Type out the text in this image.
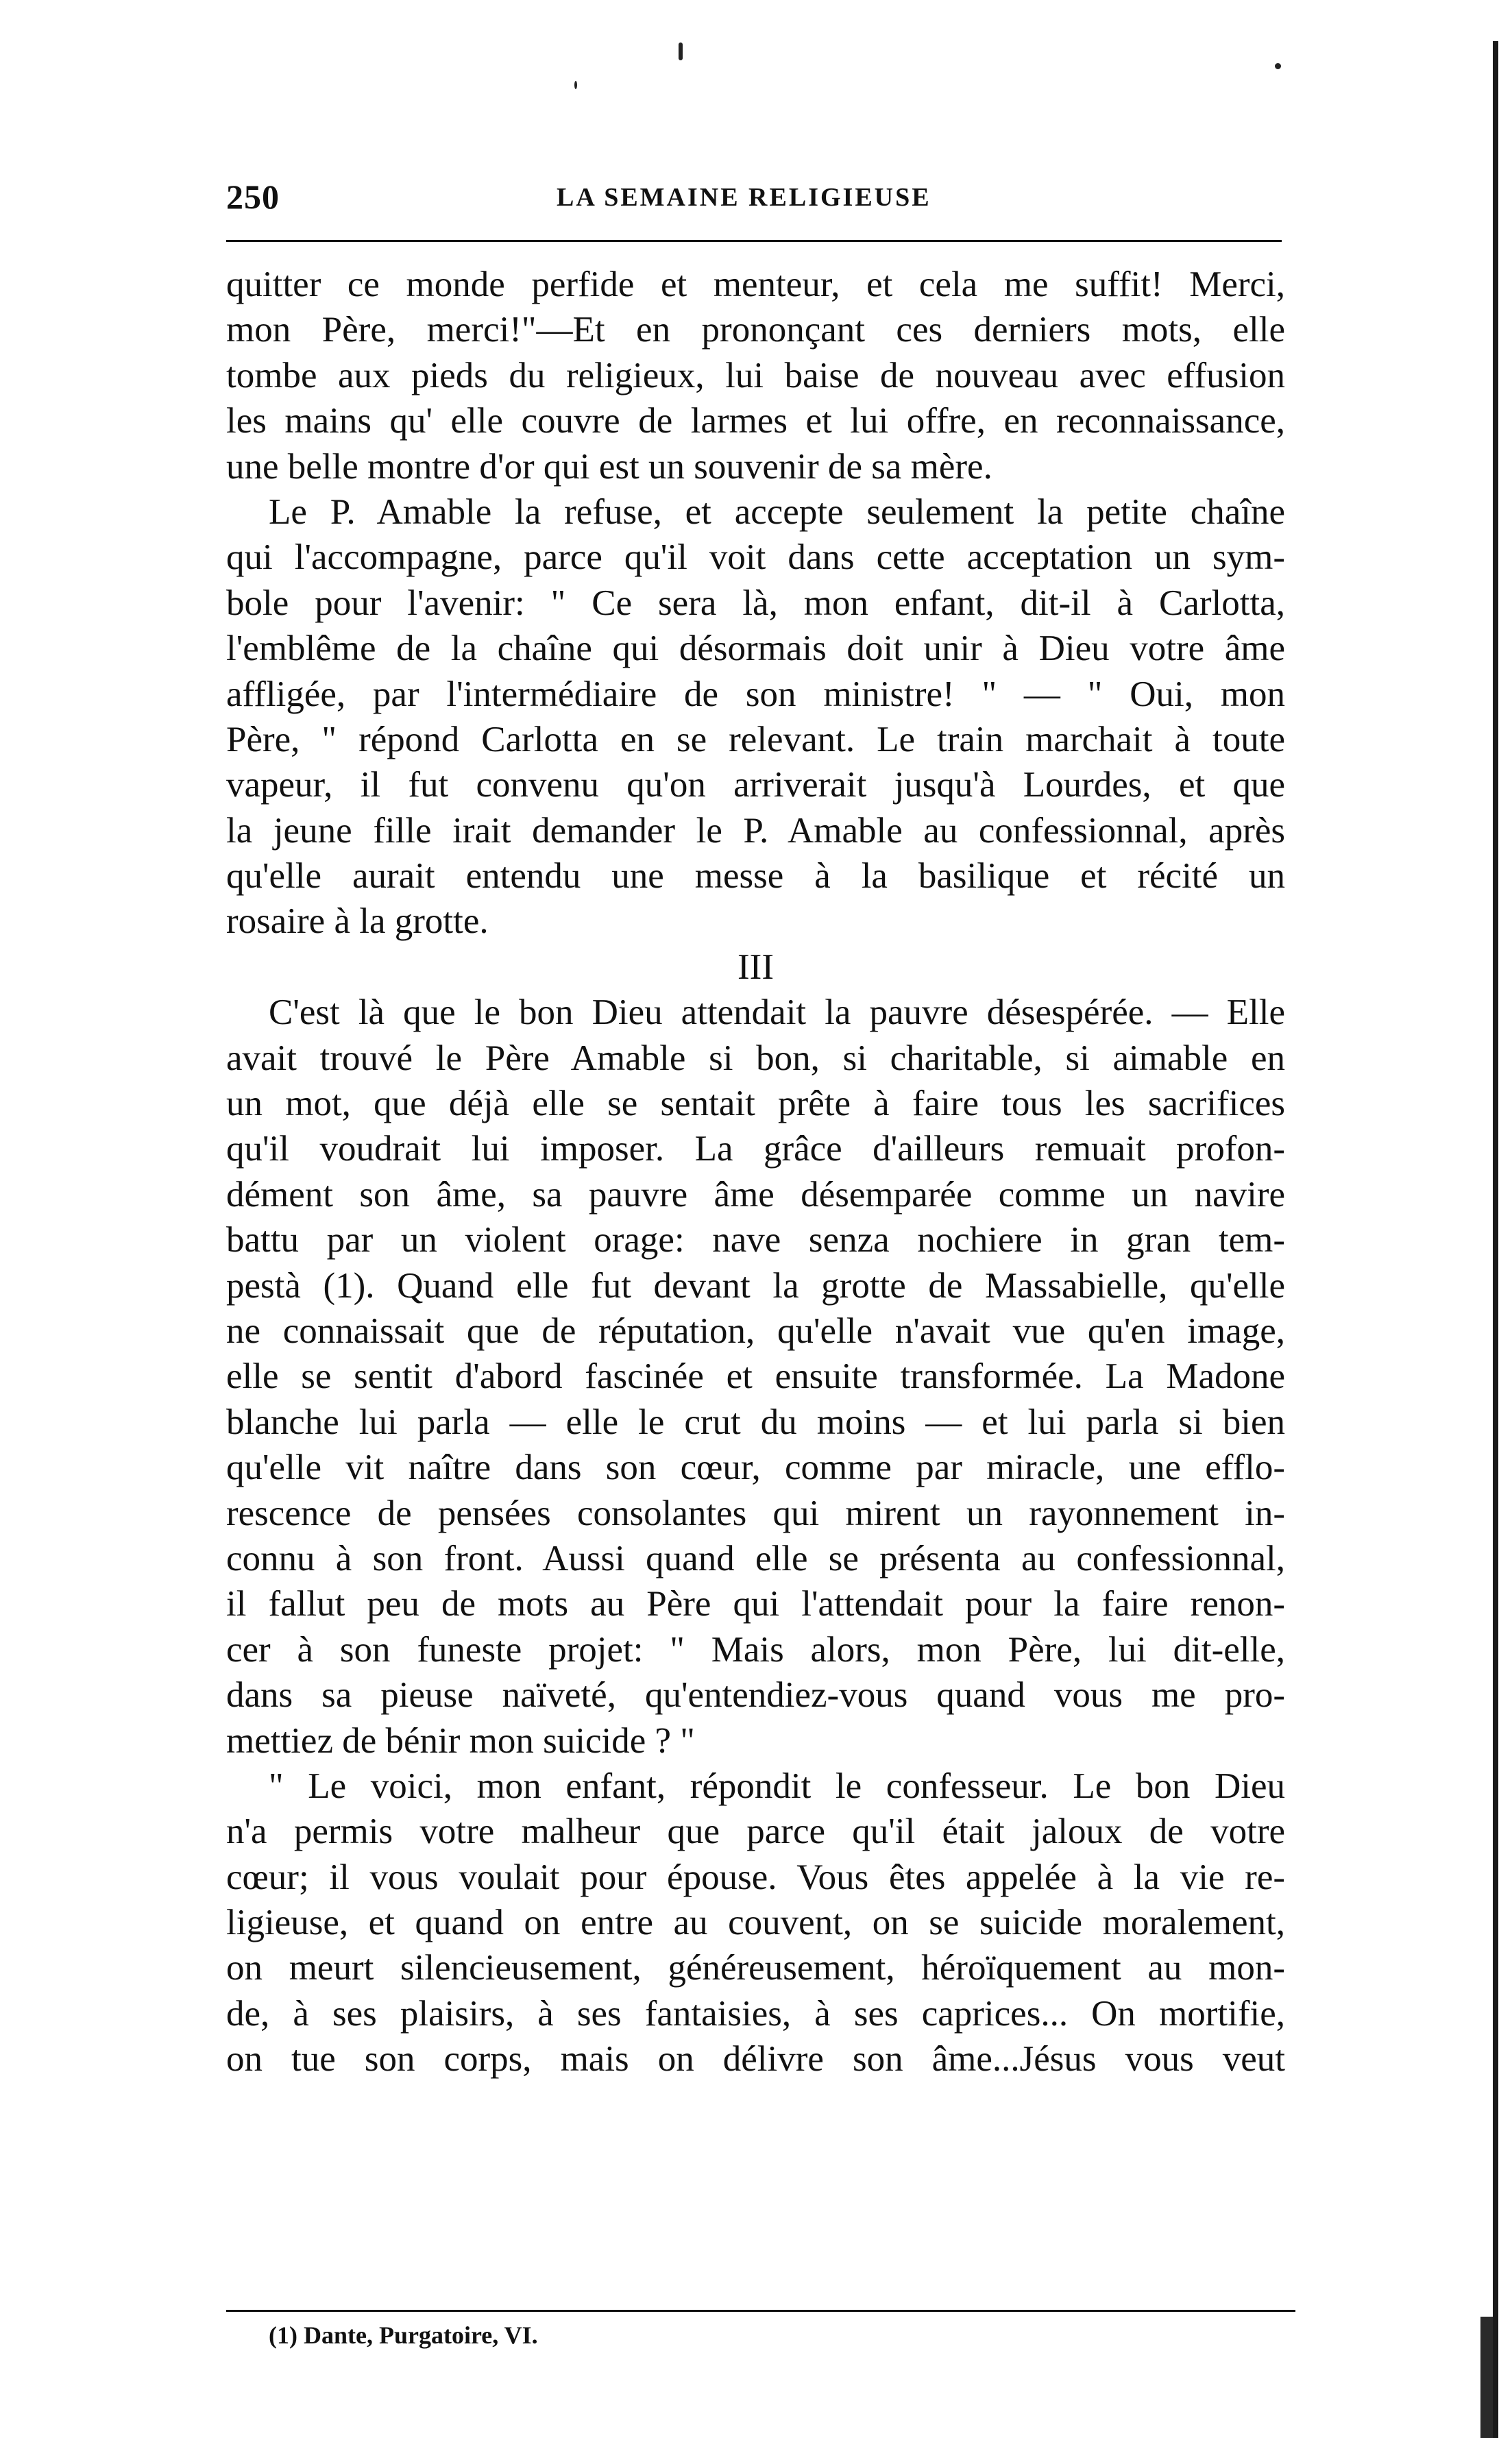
250	LA SEMAINE RELIGIEUSE
quitter ce monde perfide et menteur, et cela me suffit! Merci,
mon Père, merci!"—Et en prononçant ces derniers mots, elle
tombe aux pieds du religieux, lui baise de nouveau avec effusion
les mains qu' elle couvre de larmes et lui offre, en reconnaissance,
une belle montre d'or qui est un souvenir de sa mère.
Le P. Amable la refuse, et accepte seulement la petite chaîne
qui l'accompagne, parce qu'il voit dans cette acceptation un sym-
bole pour l'avenir: " Ce sera là, mon enfant, dit-il à Carlotta,
l'emblême de la chaîne qui désormais doit unir à Dieu votre âme
affligée, par l'intermédiaire de son ministre! " — " Oui, mon
Père, " répond Carlotta en se relevant. Le train marchait à toute
vapeur, il fut convenu qu'on arriverait jusqu'à Lourdes, et que
la jeune fille irait demander le P. Amable au confessionnal, après
qu'elle aurait entendu une messe à la basilique et récité un
rosaire à la grotte.
III
C'est là que le bon Dieu attendait la pauvre désespérée. — Elle
avait trouvé le Père Amable si bon, si charitable, si aimable en
un mot, que déjà elle se sentait prête à faire tous les sacrifices
qu'il voudrait lui imposer. La grâce d'ailleurs remuait profon-
dément son âme, sa pauvre âme désemparée comme un navire
battu par un violent orage: nave senza nochiere in gran tem-
pestà (1). Quand elle fut devant la grotte de Massabielle, qu'elle
ne connaissait que de réputation, qu'elle n'avait vue qu'en image,
elle se sentit d'abord fascinée et ensuite transformée. La Madone
blanche lui parla — elle le crut du moins — et lui parla si bien
qu'elle vit naître dans son cœur, comme par miracle, une efflo-
rescence de pensées consolantes qui mirent un rayonnement in-
connu à son front. Aussi quand elle se présenta au confessionnal,
il fallut peu de mots au Père qui l'attendait pour la faire renon-
cer à son funeste projet: " Mais alors, mon Père, lui dit-elle,
dans sa pieuse naïveté, qu'entendiez-vous quand vous me pro-
mettiez de bénir mon suicide ? "
" Le voici, mon enfant, répondit le confesseur. Le bon Dieu
n'a permis votre malheur que parce qu'il était jaloux de votre
cœur; il vous voulait pour épouse. Vous êtes appelée à la vie re-
ligieuse, et quand on entre au couvent, on se suicide moralement,
on meurt silencieusement, généreusement, héroïquement au mon-
de, à ses plaisirs, à ses fantaisies, à ses caprices... On mortifie,
on tue son corps, mais on délivre son âme...Jésus vous veut
(1) Dante, Purgatoire, VI.
